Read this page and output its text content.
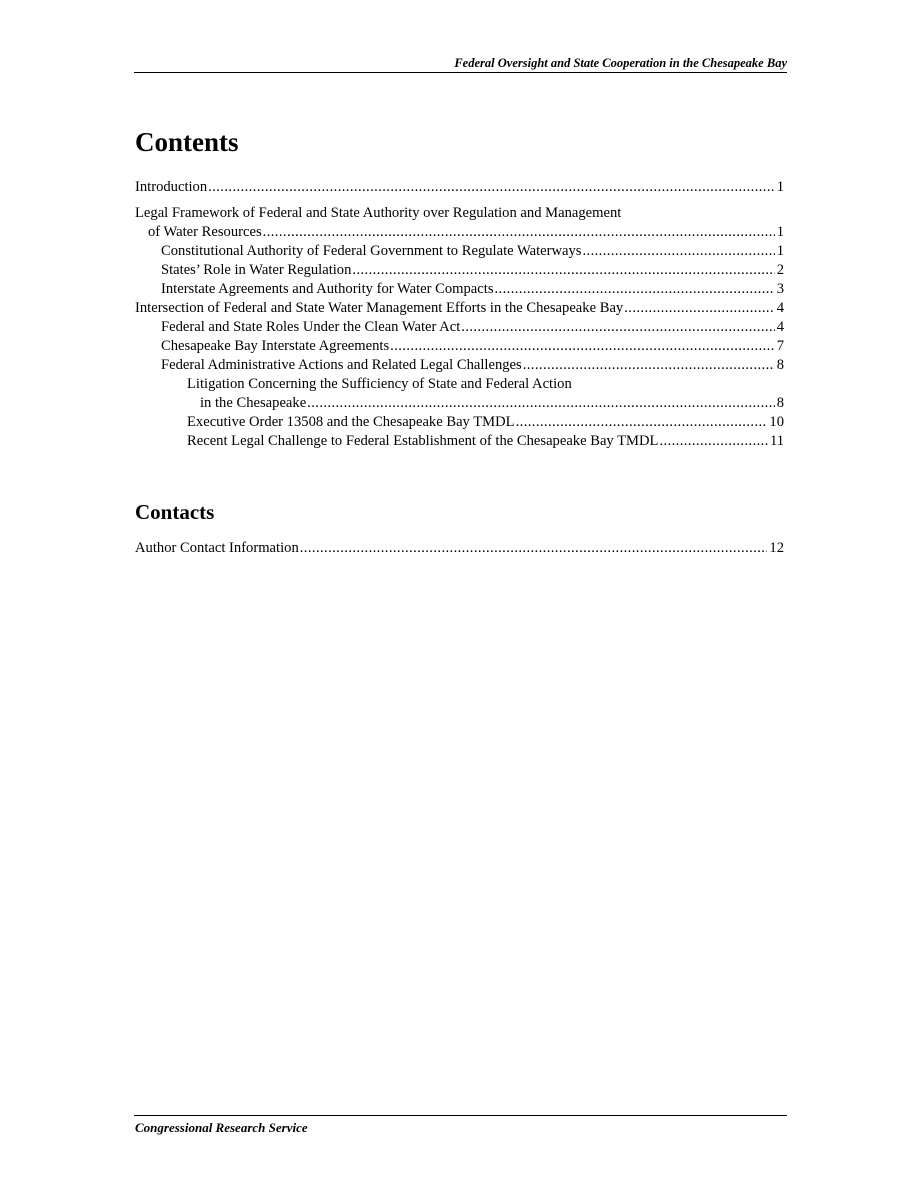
Federal Oversight and State Cooperation in the Chesapeake Bay
Contents
Introduction .....	1
Legal Framework of Federal and State Authority over Regulation and Management
of Water Resources .....	1
Constitutional Authority of Federal Government to Regulate Waterways .....	1
States’ Role in Water Regulation .....	2
Interstate Agreements and Authority for Water Compacts .....	3
Intersection of Federal and State Water Management Efforts in the Chesapeake Bay .....	4
Federal and State Roles Under the Clean Water Act .....	4
Chesapeake Bay Interstate Agreements .....	7
Federal Administrative Actions and Related Legal Challenges .....	8
Litigation Concerning the Sufficiency of State and Federal Action
in the Chesapeake .....	8
Executive Order 13508 and the Chesapeake Bay TMDL .....	10
Recent Legal Challenge to Federal Establishment of the Chesapeake Bay TMDL .....	11
Contacts
Author Contact Information .....	12
Congressional Research Service
